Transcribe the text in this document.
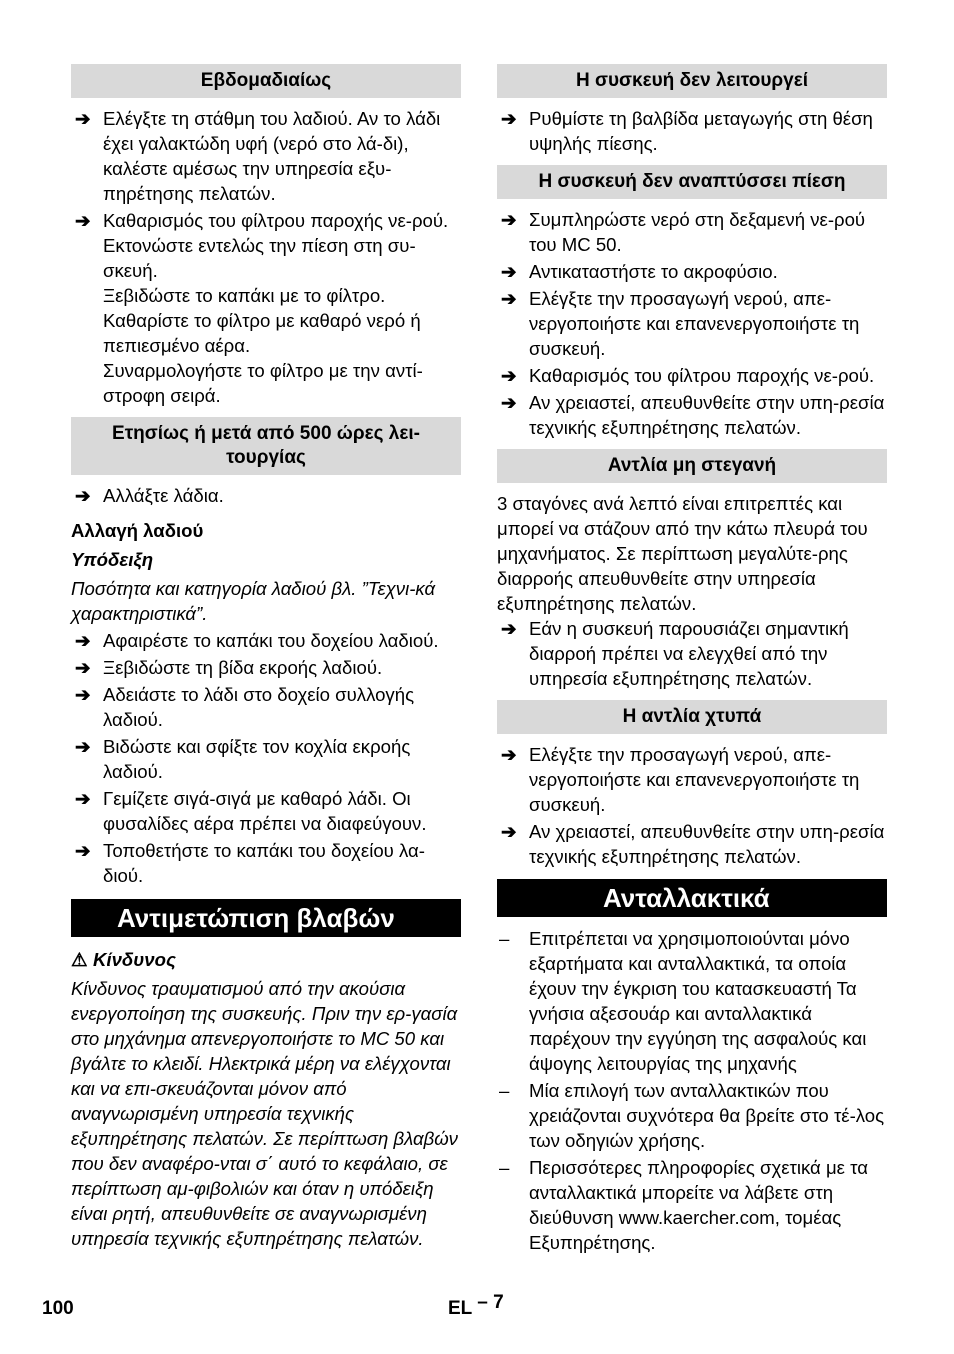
Εβδομαδιαίως
➔ Ελέγξτε τη στάθμη του λαδιού. Αν το λάδι έχει γαλακτώδη υφή (νερό στο λά-δι), καλέστε αμέσως την υπηρεσία εξυ-πηρέτησης πελατών.
➔ Καθαρισμός του φίλτρου παροχής νε-ρού.
Εκτονώστε εντελώς την πίεση στη συ-σκευή.
Ξεβιδώστε το καπάκι με το φίλτρο.
Καθαρίστε το φίλτρο με καθαρό νερό ή πεπιεσμένο αέρα.
Συναρμολογήστε το φίλτρο με την αντί-στροφη σειρά.
Ετησίως ή μετά από 500 ώρες λει-τουργίας
➔ Αλλάξτε λάδια.
Αλλαγή λαδιού
Υπόδειξη
Ποσότητα και κατηγορία λαδιού βλ. ”Τεχνι-κά χαρακτηριστικά”.
➔ Αφαιρέστε το καπάκι του δοχείου λαδιού.
➔ Ξεβιδώστε τη βίδα εκροής λαδιού.
➔ Αδειάστε το λάδι στο δοχείο συλλογής λαδιού.
➔ Βιδώστε και σφίξτε τον κοχλία εκροής λαδιού.
➔ Γεμίζετε σιγά-σιγά με καθαρό λάδι. Οι φυσαλίδες αέρα πρέπει να διαφεύγουν.
➔ Τοποθετήστε το καπάκι του δοχείου λα-διού.
Αντιμετώπιση βλαβών
⚠ Κίνδυνος
Κίνδυνος τραυματισμού από την ακούσια ενεργοποίηση της συσκευής. Πριν την ερ-γασία στο μηχάνημα απενεργοποιήστε το MC 50 και βγάλτε το κλειδί. Ηλεκτρικά μέρη να ελέγχονται και να επι-σκευάζονται μόνον από αναγνωρισμένη υπηρεσία τεχνικής εξυπηρέτησης πελατών. Σε περίπτωση βλαβών που δεν αναφέρο-νται σ΄ αυτό το κεφάλαιο, σε περίπτωση αμ-φιβολιών και όταν η υπόδειξη είναι ρητή, απευθυνθείτε σε αναγνωρισμένη υπηρεσία τεχνικής εξυπηρέτησης πελατών.
Η συσκευή δεν λειτουργεί
➔ Ρυθμίστε τη βαλβίδα μεταγωγής στη θέση υψηλής πίεσης.
Η συσκευή δεν αναπτύσσει πίεση
➔ Συμπληρώστε νερό στη δεξαμενή νε-ρού του MC 50.
➔ Αντικαταστήστε το ακροφύσιο.
➔ Ελέγξτε την προσαγωγή νερού, απε-νεργοποιήστε και επανενεργοποιήστε τη συσκευή.
➔ Καθαρισμός του φίλτρου παροχής νε-ρού.
➔ Αν χρειαστεί, απευθυνθείτε στην υπη-ρεσία τεχνικής εξυπηρέτησης πελατών.
Αντλία μη στεγανή
3 σταγόνες ανά λεπτό είναι επιτρεπτές και μπορεί να στάζουν από την κάτω πλευρά του μηχανήματος. Σε περίπτωση μεγαλύτε-ρης διαρροής απευθυνθείτε στην υπηρεσία εξυπηρέτησης πελατών.
➔ Εάν η συσκευή παρουσιάζει σημαντική διαρροή πρέπει να ελεγχθεί από την υπηρεσία εξυπηρέτησης πελατών.
Η αντλία χτυπά
➔ Ελέγξτε την προσαγωγή νερού, απε-νεργοποιήστε και επανενεργοποιήστε τη συσκευή.
➔ Αν χρειαστεί, απευθυνθείτε στην υπη-ρεσία τεχνικής εξυπηρέτησης πελατών.
Ανταλλακτικά
– Επιτρέπεται να χρησιμοποιούνται μόνο εξαρτήματα και ανταλλακτικά, τα οποία έχουν την έγκριση του κατασκευαστή Τα γνήσια αξεσουάρ και ανταλλακτικά παρέχουν την εγγύηση της ασφαλούς και άψογης λειτουργίας της μηχανής
– Μία επιλογή των ανταλλακτικών που χρειάζονται συχνότερα θα βρείτε στο τέ-λος των οδηγιών χρήσης.
– Περισσότερες πληροφορίες σχετικά με τα ανταλλακτικά μπορείτε να λάβετε στη διεύθυνση www.kaercher.com, τομέας Εξυπηρέτησης.
100	EL – 7
